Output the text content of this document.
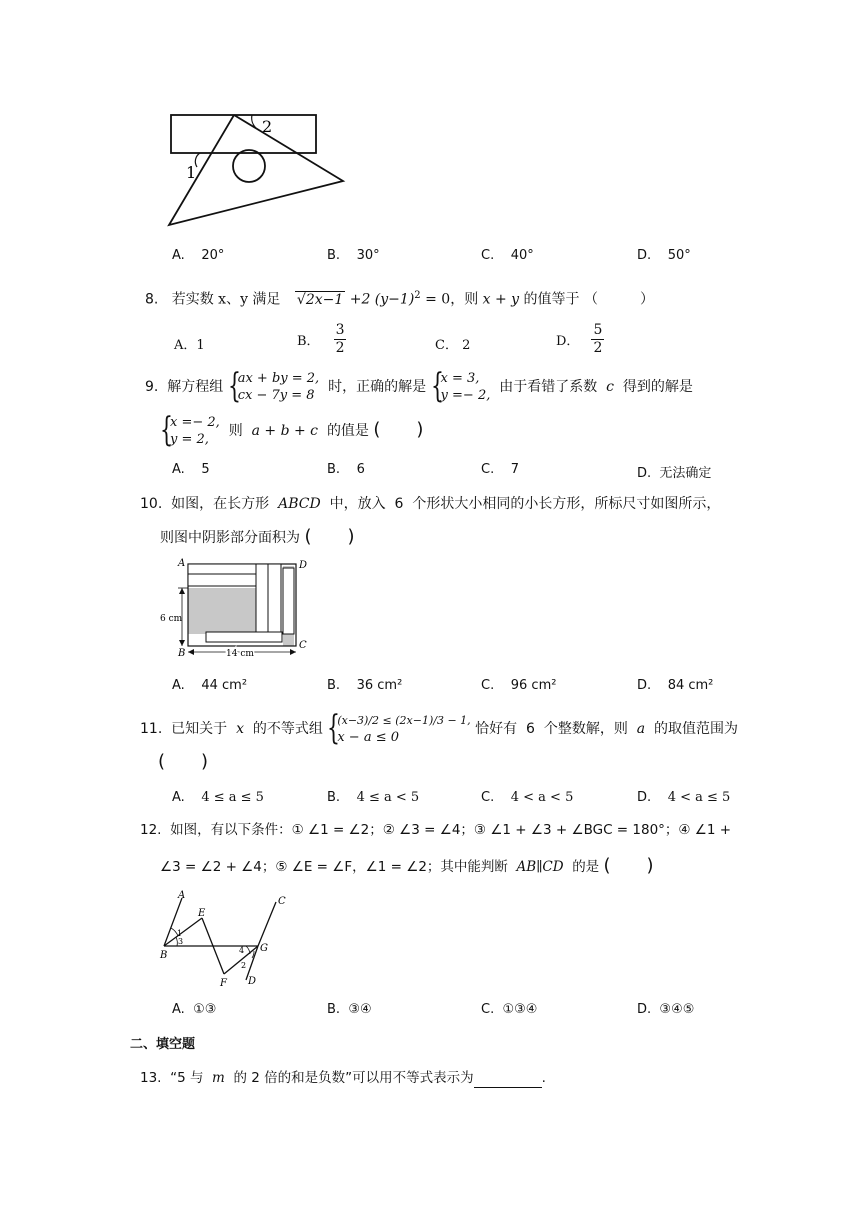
1
2
A. 20°	B. 30°	C. 40°	D. 50°
8. 若实数 x、y 满足 √2x−1 +2 $(y-1)^2 = 0$，则 x + y 的值等于 （　　　）
A．1	B． $\frac{3}{2}$	C． 2	D． $\frac{5}{2}$
9. 解方程组 {
ax + by = 2,
cx − 7y = 8
时，正确的解是 {
x = 3,
y =− 2,
由于看错了系数 c 得到的解是
{
x =− 2,
y = 2,
则 a + b + c 的值是 (　　)
A. 5	B. 6	C. 7	D. 无法确定
10. 如图，在长方形 ABCD 中，放入 6 个形状大小相同的小长方形，所标尺寸如图所示，
则图中阴影部分面积为 (　　)
A
B
C
D
6 cm
14 cm
A. 44 cm²	B. 36 cm²	C. 96 cm²	D. 84 cm²
11. 已知关于 x 的不等式组 {
(x−3)/2 ≤ (2x−1)/3 − 1,
x − a ≤ 0
恰好有 6 个整数解，则 a 的取值范围为
(　　)
A. 4 ≤ a ≤ 5	B. 4 ≤ a < 5	C. 4 < a < 5	D. 4 < a ≤ 5
12. 如图，有以下条件：① ∠1 = ∠2；② ∠3 = ∠4；③ ∠1 + ∠3 + ∠BGC = 180°；④ ∠1 +
∠3 = ∠2 + ∠4；⑤ ∠E = ∠F，∠1 = ∠2；其中能判断 AB∥CD 的是 (　　)
A
B
C
D
E
F
G
1
3
4
2
A. ①③	B. ③④	C. ①③④	D. ③④⑤
二、填空题
13. “5 与 m 的 2 倍的和是负数”可以用不等式表示为	.
